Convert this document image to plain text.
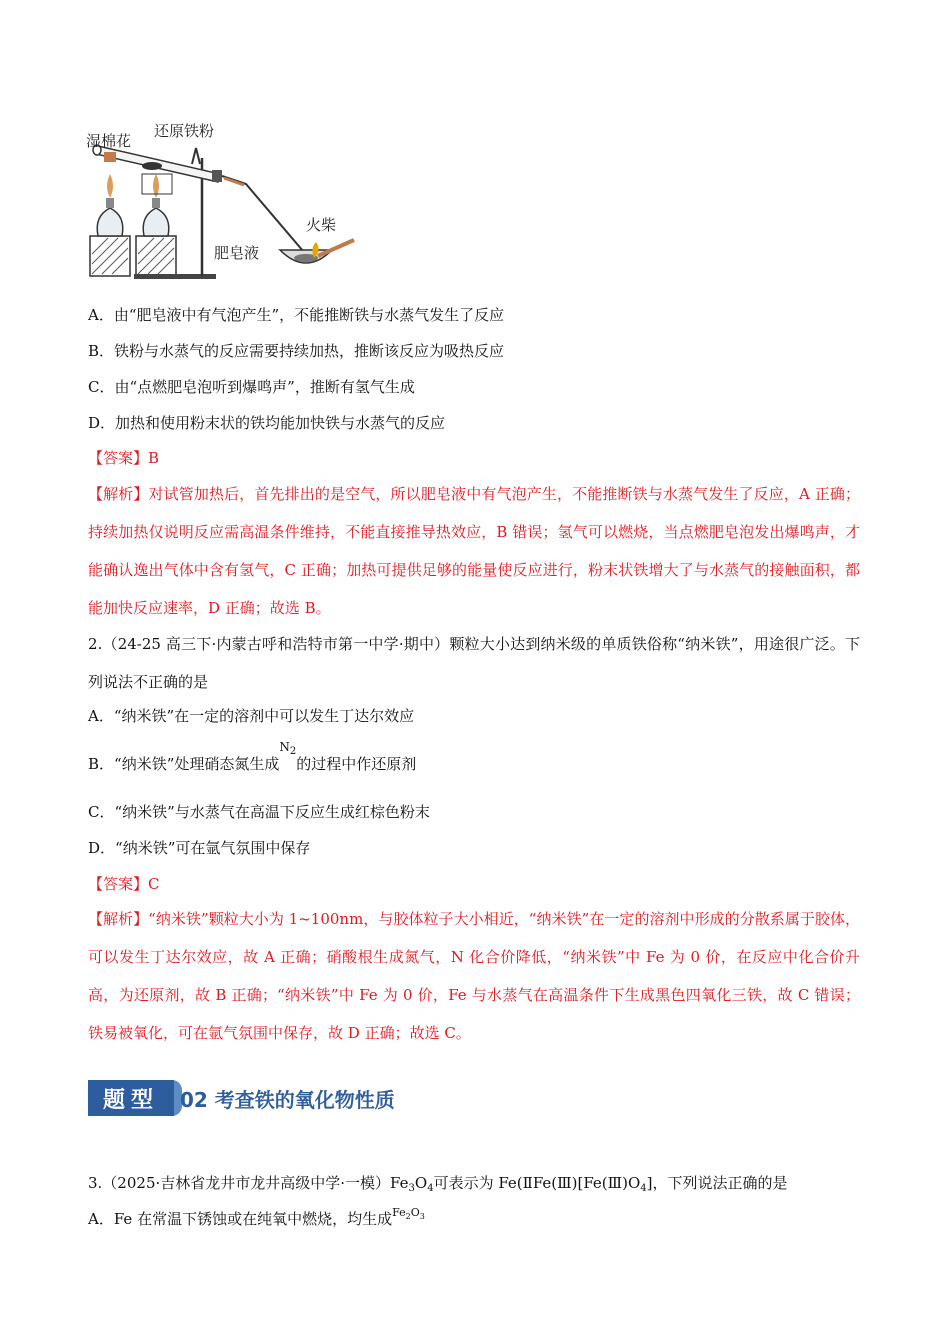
湿棉花
还原铁粉
火柴
肥皂液
A．由“肥皂液中有气泡产生”，不能推断铁与水蒸气发生了反应
B．铁粉与水蒸气的反应需要持续加热，推断该反应为吸热反应
C．由“点燃肥皂泡听到爆鸣声”，推断有氢气生成
D．加热和使用粉末状的铁均能加快铁与水蒸气的反应
【答案】B
【解析】对试管加热后，首先排出的是空气，所以肥皂液中有气泡产生，不能推断铁与水蒸气发生了反应，A 正确；持续加热仅说明反应需高温条件维持，不能直接推导热效应，B 错误；氢气可以燃烧，当点燃肥皂泡发出爆鸣声，才能确认逸出气体中含有氢气，C 正确；加热可提供足够的能量使反应进行，粉末状铁增大了与水蒸气的接触面积，都能加快反应速率，D 正确；故选 B。
2.（24-25 高三下·内蒙古呼和浩特市第一中学·期中）颗粒大小达到纳米级的单质铁俗称“纳米铁”，用途很广泛。下列说法不正确的是
A．“纳米铁”在一定的溶剂中可以发生丁达尔效应
B．“纳米铁”处理硝态氮生成$^{N_2}$的过程中作还原剂
C．“纳米铁”与水蒸气在高温下反应生成红棕色粉末
D．“纳米铁”可在氩气氛围中保存
【答案】C
【解析】“纳米铁”颗粒大小为 1~100nm，与胶体粒子大小相近，“纳米铁”在一定的溶剂中形成的分散系属于胶体，可以发生丁达尔效应，故 A 正确；硝酸根生成氮气，N 化合价降低，“纳米铁”中 Fe 为 0 价，在反应中化合价升高，为还原剂，故 B 正确；“纳米铁”中 Fe 为 0 价，Fe 与水蒸气在高温条件下生成黑色四氧化三铁，故 C 错误；铁易被氧化，可在氩气氛围中保存，故 D 正确；故选 C。
题型	02 考查铁的氧化物性质
3.（2025·吉林省龙井市龙井高级中学·一模）$Fe_3O_4$可表示为 $Fe(ⅡFe(Ⅲ)[Fe(Ⅲ)O_4]$，下列说法正确的是
A．Fe 在常温下锈蚀或在纯氧中燃烧，均生成$^{Fe_2O_3}$
